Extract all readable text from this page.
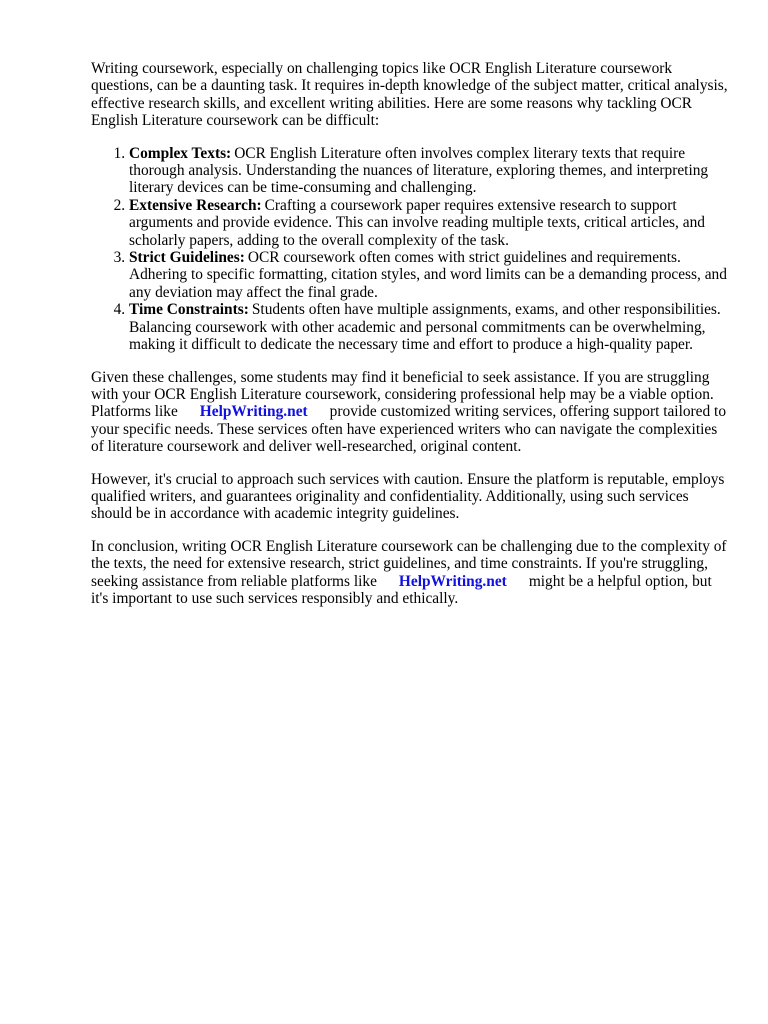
Writing coursework, especially on challenging topics like OCR English Literature coursework questions, can be a daunting task. It requires in-depth knowledge of the subject matter, critical analysis, effective research skills, and excellent writing abilities. Here are some reasons why tackling OCR English Literature coursework can be difficult:

1. Complex Texts: OCR English Literature often involves complex literary texts that require thorough analysis. Understanding the nuances of literature, exploring themes, and interpreting literary devices can be time-consuming and challenging.
2. Extensive Research: Crafting a coursework paper requires extensive research to support arguments and provide evidence. This can involve reading multiple texts, critical articles, and scholarly papers, adding to the overall complexity of the task.
3. Strict Guidelines: OCR coursework often comes with strict guidelines and requirements. Adhering to specific formatting, citation styles, and word limits can be a demanding process, and any deviation may affect the final grade.
4. Time Constraints: Students often have multiple assignments, exams, and other responsibilities. Balancing coursework with other academic and personal commitments can be overwhelming, making it difficult to dedicate the necessary time and effort to produce a high-quality paper.

Given these challenges, some students may find it beneficial to seek assistance. If you are struggling with your OCR English Literature coursework, considering professional help may be a viable option. Platforms like HelpWriting.net provide customized writing services, offering support tailored to your specific needs. These services often have experienced writers who can navigate the complexities of literature coursework and deliver well-researched, original content.

However, it's crucial to approach such services with caution. Ensure the platform is reputable, employs qualified writers, and guarantees originality and confidentiality. Additionally, using such services should be in accordance with academic integrity guidelines.

In conclusion, writing OCR English Literature coursework can be challenging due to the complexity of the texts, the need for extensive research, strict guidelines, and time constraints. If you're struggling, seeking assistance from reliable platforms like HelpWriting.net might be a helpful option, but it's important to use such services responsibly and ethically.
